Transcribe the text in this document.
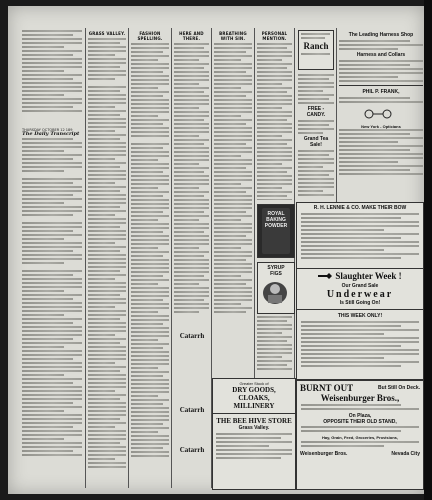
The Daily Transcript
THURSDAY OCTOBER 12 189
GRASS VALLEY.	FASHION SPELLING.
HERE AND THERE.
BREATHING WITH SIN.
Catarrh
Catarrh
Catarrh
Greater Stock of
DRY GOODS,
CLOAKS,
MILLINERY
THE BEE HIVE STORE
Grass Valley.
PERSONAL MENTION.
ROYAL
BAKING
POWDER
SYRUP
FIGS
Ranch
FREE - CANDY.
Grand Tea Sale!
The Leading Harness Shop
Harness and Collars
PHIL P. FRANK,
New York - Opticians
R. H. LENNIE & CO. MAKE THEIR BOW
Slaughter Week !
Our Grand Sale
Underwear
Is Still Going On!
THIS WEEK ONLY!
BURNT OUT	But Still On Deck.
Weisenburger Bros.,
On Plaza,
OPPOSITE THEIR OLD STAND,
Hay, Grain, Feed, Groceries, Provisions,
Weisenburger Bros.	Nevada City
